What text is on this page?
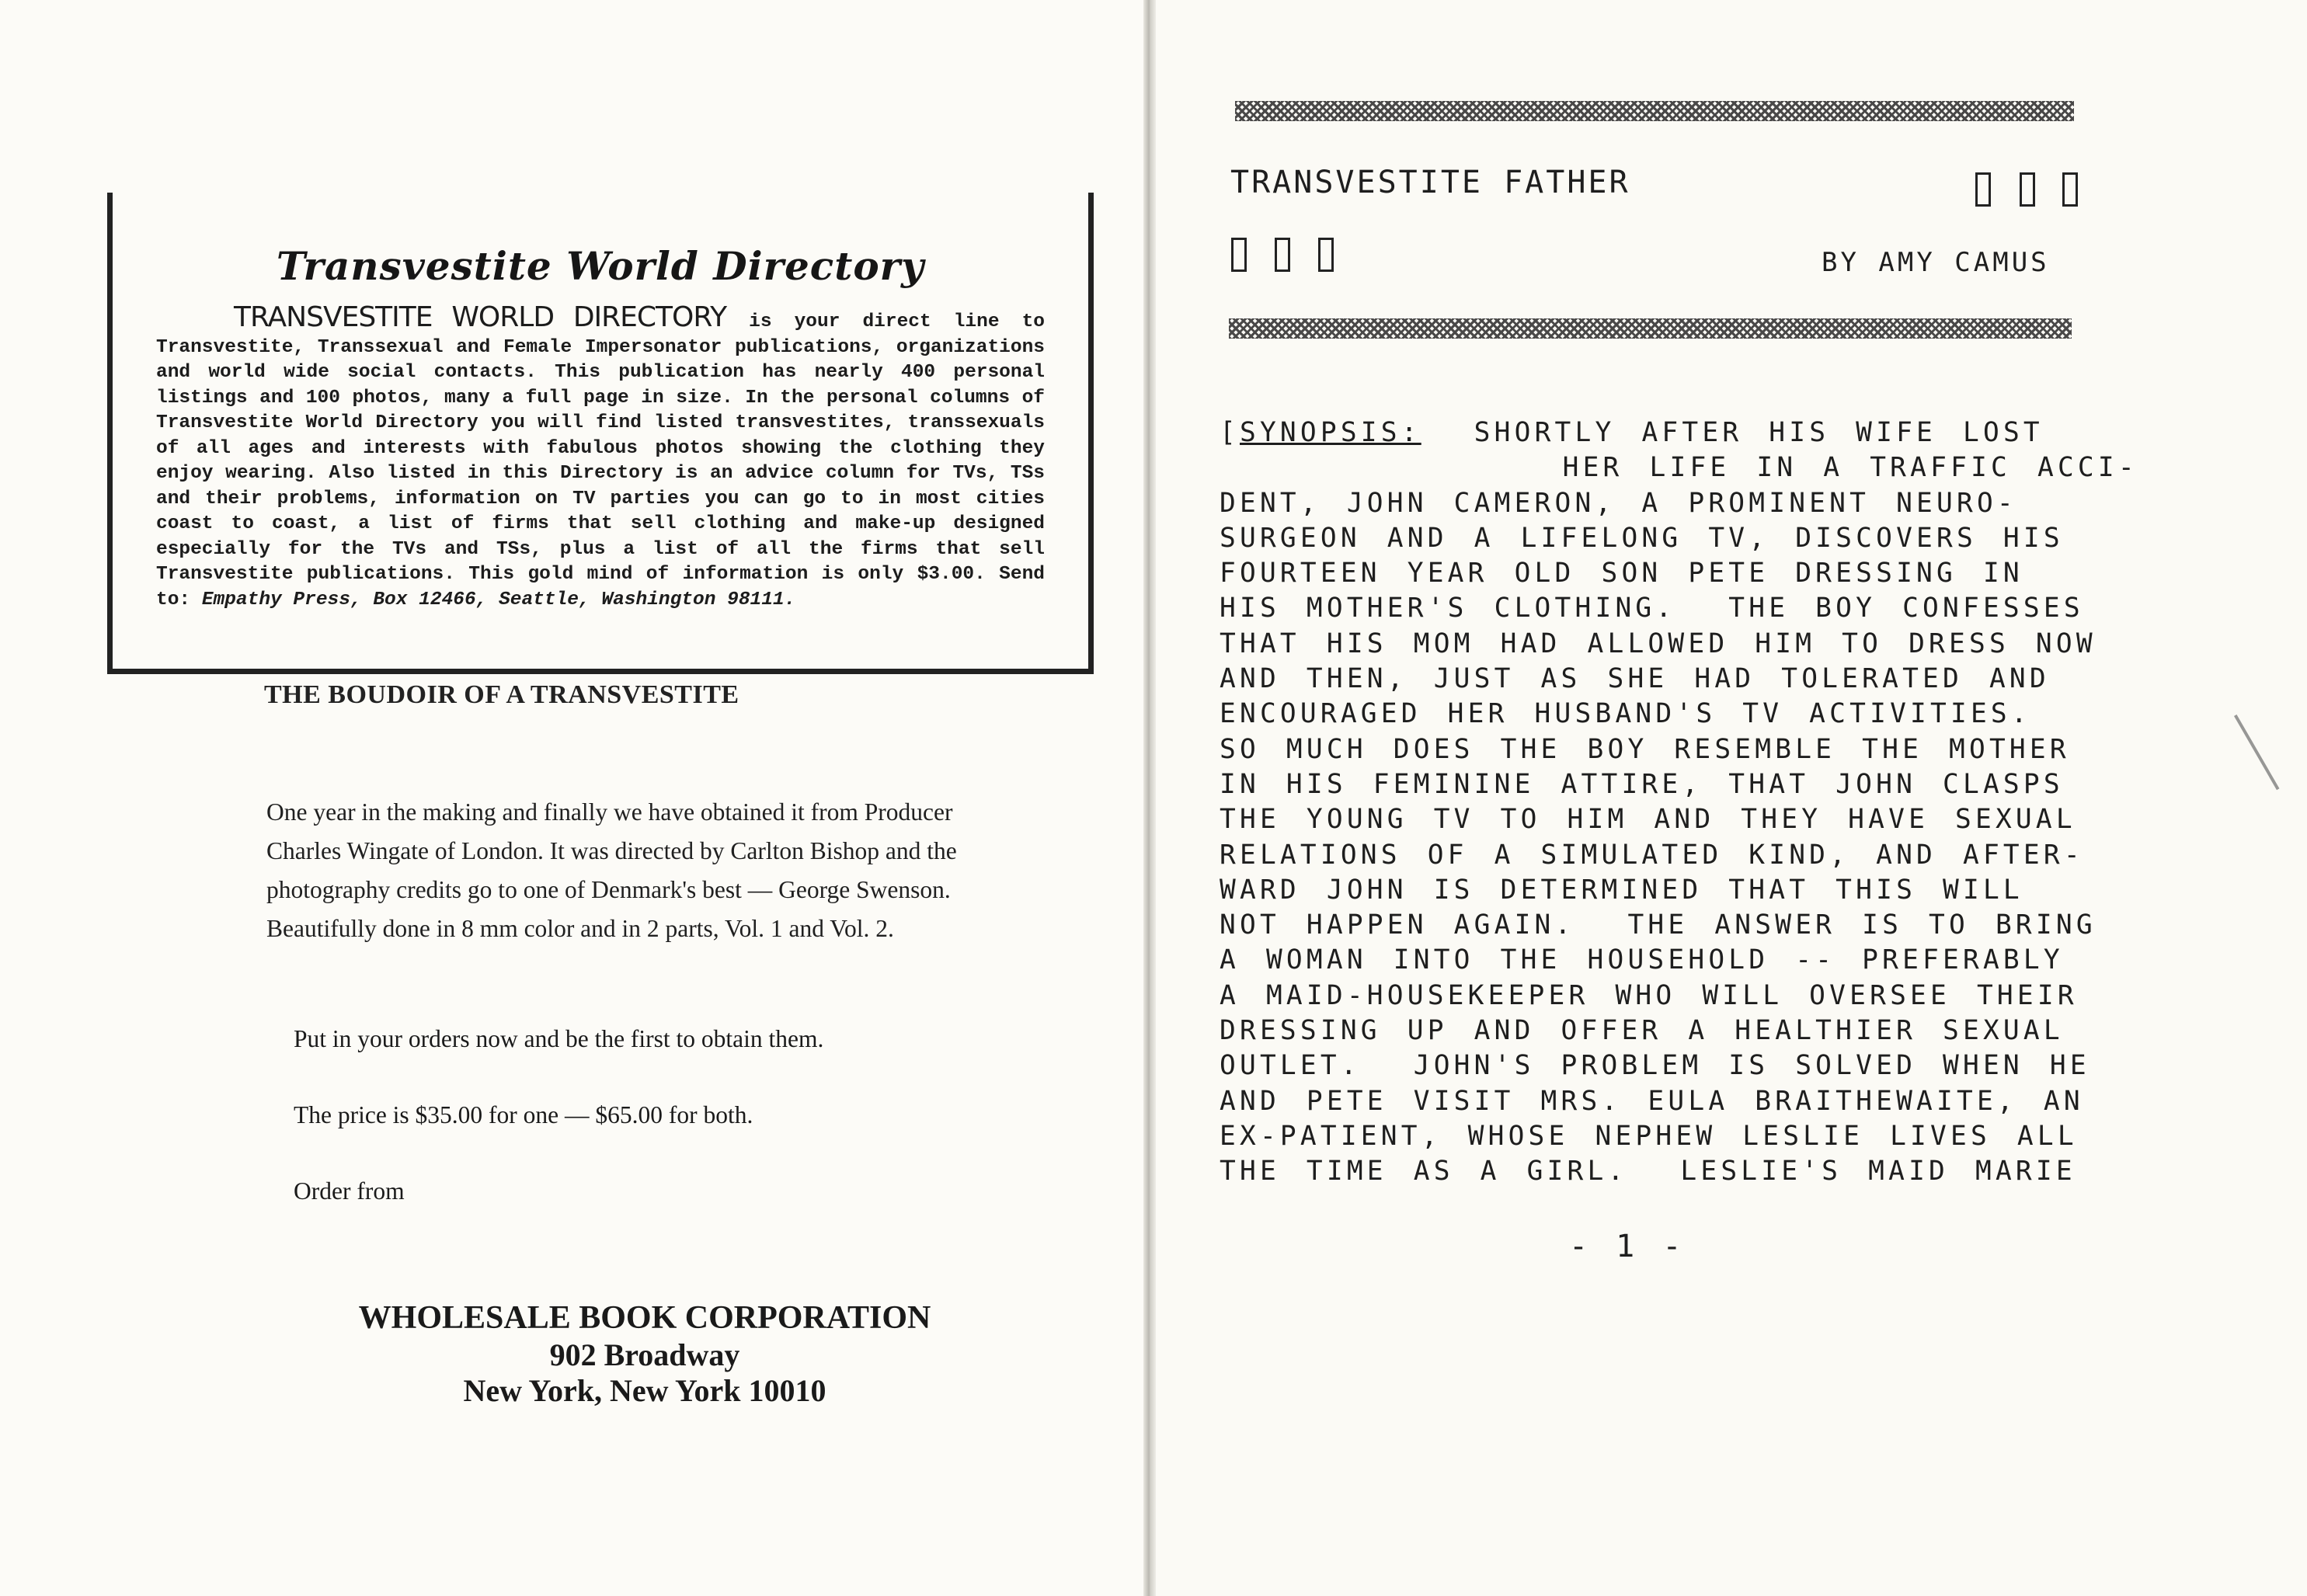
Transvestite World Directory
TRANSVESTITE WORLD DIRECTORY is your direct line to Transvestite, Transsexual and Female Impersonator publications, organizations and world wide social contacts. This publication has nearly 400 personal listings and 100 photos, many a full page in size. In the personal columns of Transvestite World Directory you will find listed transvestites, transsexuals of all ages and interests with fabulous photos showing the clothing they enjoy wearing. Also listed in this Directory is an advice column for TVs, TSs and their problems, information on TV parties you can go to in most cities coast to coast, a list of firms that sell clothing and make-up designed especially for the TVs and TSs, plus a list of all the firms that sell Transvestite publications. This gold mind of information is only $3.00. Send to: Empathy Press, Box 12466, Seattle, Washington 98111.
THE BOUDOIR OF A TRANSVESTITE

One year in the making and finally we have obtained it from Producer Charles Wingate of London. It was directed by Carlton Bishop and the photography credits go to one of Denmark's best — George Swenson. Beautifully done in 8 mm color and in 2 parts, Vol. 1 and Vol. 2.

Put in your orders now and be the first to obtain them.
The price is $35.00 for one — $65.00 for both.
Order from
WHOLESALE BOOK CORPORATION
902 Broadway
New York, New York 10010
TRANSVESTITE FATHER
BY AMY CAMUS
[SYNOPSIS:  SHORTLY AFTER HIS WIFE LOST
HER LIFE IN A TRAFFIC ACCI-
DENT, JOHN CAMERON, A PROMINENT NEURO-
SURGEON AND A LIFELONG TV, DISCOVERS HIS
FOURTEEN YEAR OLD SON PETE DRESSING IN
HIS MOTHER'S CLOTHING.  THE BOY CONFESSES
THAT HIS MOM HAD ALLOWED HIM TO DRESS NOW
AND THEN, JUST AS SHE HAD TOLERATED AND
ENCOURAGED HER HUSBAND'S TV ACTIVITIES.
SO MUCH DOES THE BOY RESEMBLE THE MOTHER
IN HIS FEMININE ATTIRE, THAT JOHN CLASPS
THE YOUNG TV TO HIM AND THEY HAVE SEXUAL
RELATIONS OF A SIMULATED KIND, AND AFTER-
WARD JOHN IS DETERMINED THAT THIS WILL
NOT HAPPEN AGAIN.  THE ANSWER IS TO BRING
A WOMAN INTO THE HOUSEHOLD -- PREFERABLY
A MAID-HOUSEKEEPER WHO WILL OVERSEE THEIR
DRESSING UP AND OFFER A HEALTHIER SEXUAL
OUTLET.  JOHN'S PROBLEM IS SOLVED WHEN HE
AND PETE VISIT MRS. EULA BRAITHEWAITE, AN
EX-PATIENT, WHOSE NEPHEW LESLIE LIVES ALL
THE TIME AS A GIRL.  LESLIE'S MAID MARIE
- 1 -
